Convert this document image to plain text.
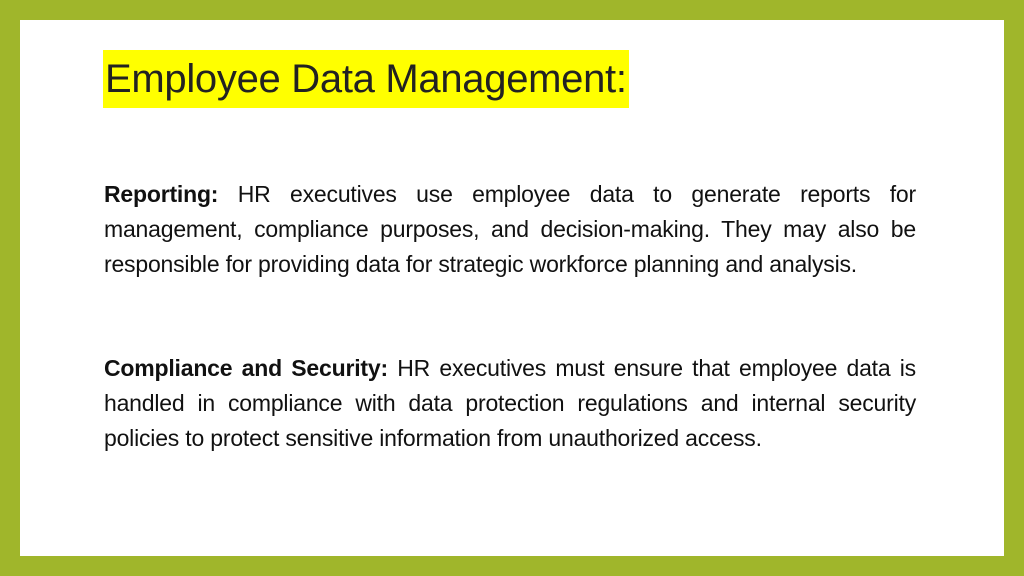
Employee Data Management:

Reporting: HR executives use employee data to generate reports for management, compliance purposes, and decision-making. They may also be responsible for providing data for strategic workforce planning and analysis.

Compliance and Security: HR executives must ensure that employee data is handled in compliance with data protection regulations and internal security policies to protect sensitive information from unauthorized access.
